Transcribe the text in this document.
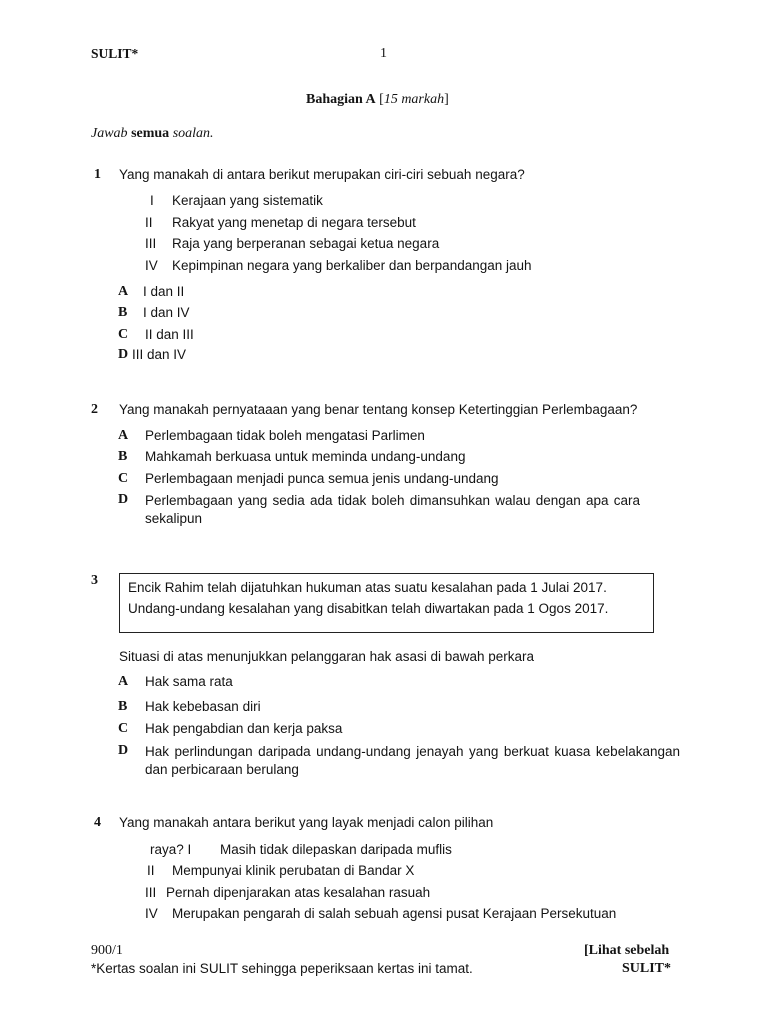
SULIT*	1
Bahagian A [15 markah]
Jawab semua soalan.
1 Yang manakah di antara berikut merupakan ciri-ciri sebuah negara?
I Kerajaan yang sistematik
II Rakyat yang menetap di negara tersebut
III Raja yang berperanan sebagai ketua negara
IV Kepimpinan negara yang berkaliber dan berpandangan jauh
A I dan II
B I dan IV
C II dan III
D III dan IV
2 Yang manakah pernyataaan yang benar tentang konsep Ketertinggian Perlembagaan?
A Perlembagaan tidak boleh mengatasi Parlimen
B Mahkamah berkuasa untuk meminda undang-undang
C Perlembagaan menjadi punca semua jenis undang-undang
D Perlembagaan yang sedia ada tidak boleh dimansuhkan walau dengan apa cara sekalipun
3 Encik Rahim telah dijatuhkan hukuman atas suatu kesalahan pada 1 Julai 2017.
Undang-undang kesalahan yang disabitkan telah diwartakan pada 1 Ogos 2017.
Situasi di atas menunjukkan pelanggaran hak asasi di bawah perkara
A Hak sama rata
B Hak kebebasan diri
C Hak pengabdian dan kerja paksa
D Hak perlindungan daripada undang-undang jenayah yang berkuat kuasa kebelakangan dan perbicaraan berulang
4 Yang manakah antara berikut yang layak menjadi calon pilihan
raya? I Masih tidak dilepaskan daripada muflis
II Mempunyai klinik perubatan di Bandar X
III Pernah dipenjarakan atas kesalahan rasuah
IV Merupakan pengarah di salah sebuah agensi pusat Kerajaan Persekutuan
900/1
*Kertas soalan ini SULIT sehingga peperiksaan kertas ini tamat.
[Lihat sebelah
SULIT*
